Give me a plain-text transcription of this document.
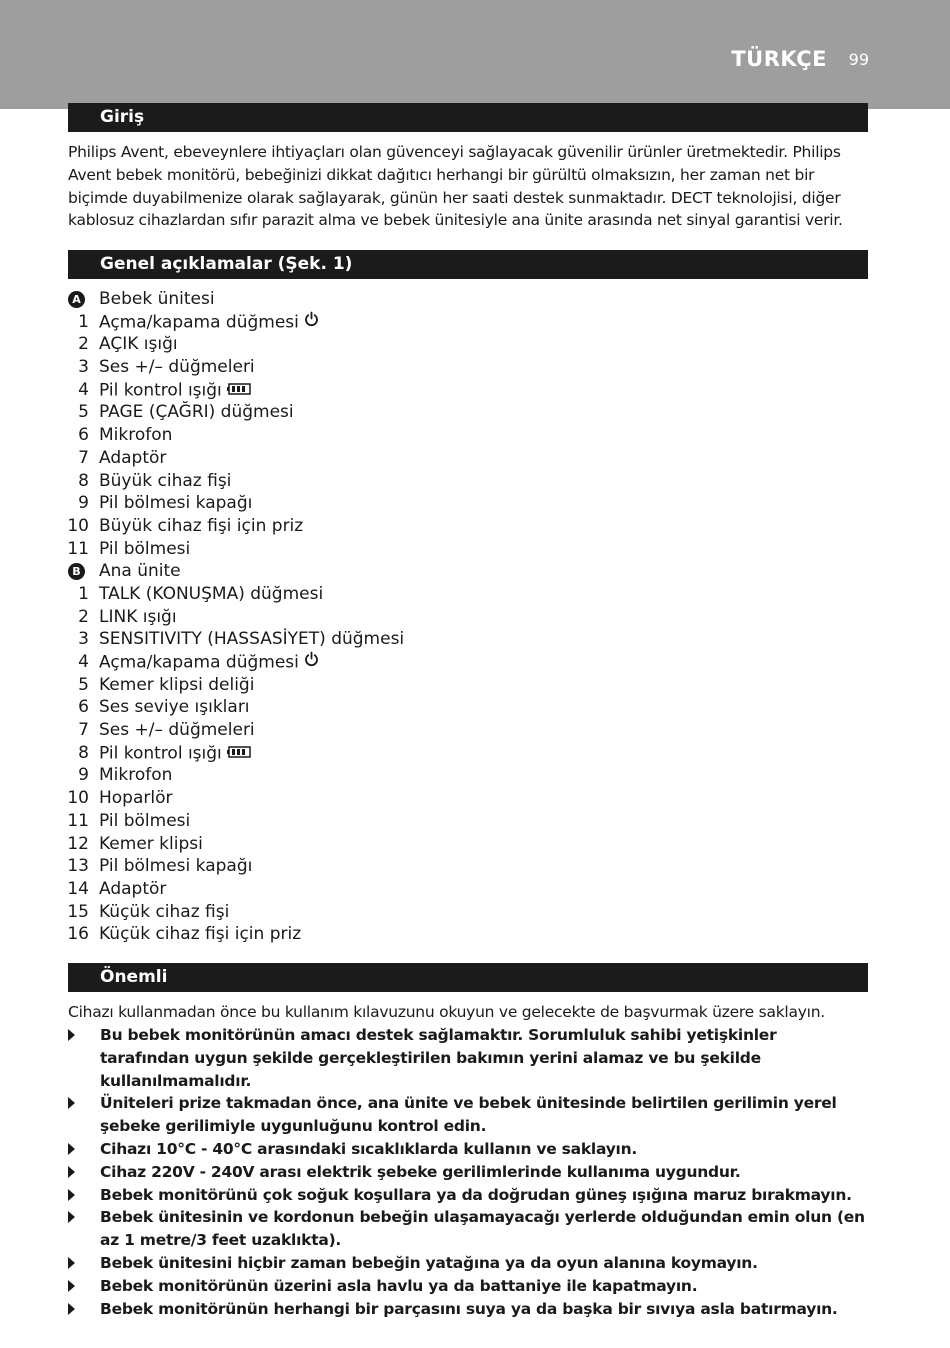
TÜRKÇE 99
Giriş
Philips Avent, ebeveynlere ihtiyaçları olan güvenceyi sağlayacak güvenilir ürünler üretmektedir. Philips Avent bebek monitörü, bebeğinizi dikkat dağıtıcı herhangi bir gürültü olmaksızın, her zaman net bir biçimde duyabilmenize olarak sağlayarak, günün her saati destek sunmaktadır. DECT teknolojisi, diğer kablosuz cihazlardan sıfır parazit alma ve bebek ünitesiyle ana ünite arasında net sinyal garantisi verir.
Genel açıklamalar (Şek. 1)
A Bebek ünitesi
1 Açma/kapama düğmesi
2 AÇIK ışığı
3 Ses +/– düğmeleri
4 Pil kontrol ışığı
5 PAGE (ÇAĞRI) düğmesi
6 Mikrofon
7 Adaptör
8 Büyük cihaz fişi
9 Pil bölmesi kapağı
10 Büyük cihaz fişi için priz
11 Pil bölmesi
B Ana ünite
1 TALK (KONUŞMA) düğmesi
2 LINK ışığı
3 SENSITIVITY (HASSASİYET) düğmesi
4 Açma/kapama düğmesi
5 Kemer klipsi deliği
6 Ses seviye ışıkları
7 Ses +/– düğmeleri
8 Pil kontrol ışığı
9 Mikrofon
10 Hoparlör
11 Pil bölmesi
12 Kemer klipsi
13 Pil bölmesi kapağı
14 Adaptör
15 Küçük cihaz fişi
16 Küçük cihaz fişi için priz
Önemli
Cihazı kullanmadan önce bu kullanım kılavuzunu okuyun ve gelecekte de başvurmak üzere saklayın.
Bu bebek monitörünün amacı destek sağlamaktır. Sorumluluk sahibi yetişkinler tarafından uygun şekilde gerçekleştirilen bakımın yerini alamaz ve bu şekilde kullanılmamalıdır.
Üniteleri prize takmadan önce, ana ünite ve bebek ünitesinde belirtilen gerilimin yerel şebeke gerilimiyle uygunluğunu kontrol edin.
Cihazı 10°C - 40°C arasındaki sıcaklıklarda kullanın ve saklayın.
Cihaz 220V - 240V arası elektrik şebeke gerilimlerinde kullanıma uygundur.
Bebek monitörünü çok soğuk koşullara ya da doğrudan güneş ışığına maruz bırakmayın.
Bebek ünitesinin ve kordonun bebeğin ulaşamayacağı yerlerde olduğundan emin olun (en az 1 metre/3 feet uzaklıkta).
Bebek ünitesini hiçbir zaman bebeğin yatağına ya da oyun alanına koymayın.
Bebek monitörünün üzerini asla havlu ya da battaniye ile kapatmayın.
Bebek monitörünün herhangi bir parçasını suya ya da başka bir sıvıya asla batırmayın.
